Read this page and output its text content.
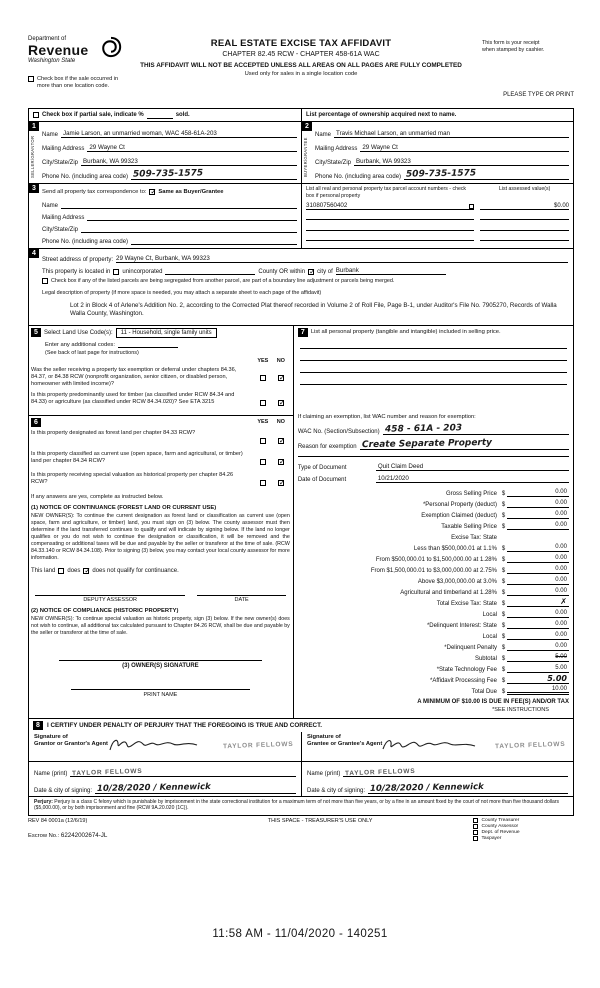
Department of
Revenue
Washington State
REAL ESTATE EXCISE TAX AFFIDAVIT
CHAPTER 82.45 RCW - CHAPTER 458-61A WAC
THIS AFFIDAVIT WILL NOT BE ACCEPTED UNLESS ALL AREAS ON ALL PAGES ARE FULLY COMPLETED
Used only for sales in a single location code
This form is your receipt
when stamped by cashier.
Check box if the sale occurred in
more than one location code.
PLEASE TYPE OR PRINT
Check box if partial sale, indicate %	sold.	List percentage of ownership acquired next to name.
1
SELLER/GRANTOR
Name Jamie Larson, an unmarried woman, WAC 458-61A-203
Mailing Address 29 Wayne Ct
City/State/Zip Burbank, WA 99323
Phone No. (including area code) 509-735-1575
2
BUYER/GRANTEE
Name Travis Michael Larson, an unmarried man
Mailing Address 29 Wayne Ct
City/State/Zip Burbank, WA 99323
Phone No. (including area code) 509-735-1575
3	Send all property tax correspondence to: ✓ Same as Buyer/Grantee
Name
Mailing Address
City/State/Zip
Phone No. (including area code)
List all real and personal property tax parcel account numbers - check box if personal property
List assessed value(s)
310807560402	$0.00
4
Street address of property: 29 Wayne Ct, Burbank, WA 99323
This property is located in unincorporated	County OR within ✓ city of Burbank
Check box if any of the listed parcels are being segregated from another parcel, are part of a boundary line adjustment or parcels being merged.
Legal description of property (if more space is needed, you may attach a separate sheet to each page of the affidavit)
Lot 2 in Block 4 of Arlene's Addition No. 2, according to the Corrected Plat thereof recorded in Volume 2 of Roll File, Page B-1, under Auditor's File No. 7905270, Records of Walla Walla County, Washington.
5	Select Land Use Code(s):	11 - Household, single family units
Enter any additional codes:
(See back of last page for instructions)
YES	NO
Was the seller receiving a property tax exemption or deferral under chapters 84.36, 84.37, or 84.38 RCW (nonprofit organization, senior citizen, or disabled person, homeowner with limited income)?
✓
Is this property predominantly used for timber (as classified under RCW 84.34 and 84.33) or agriculture (as classified under RCW 84.34.020)? See ETA 3215
✓
6	YES	NO
Is this property designated as forest land per chapter 84.33 RCW?
✓
Is this property classified as current use (open space, farm and agricultural, or timber) land per chapter 84.34 RCW?
✓
Is this property receiving special valuation as historical property per chapter 84.26 RCW?
✓
If any answers are yes, complete as instructed below.
(1) NOTICE OF CONTINUANCE (FOREST LAND OR CURRENT USE)
NEW OWNER(S): To continue the current designation as forest land or classification as current use (open space, farm and agriculture, or timber) land, you must sign on (3) below. The county assessor must then determine if the land transferred continues to qualify and will indicate by signing below. If the land no longer qualifies or you do not wish to continue the designation or classification, it will be removed and the compensating or additional taxes will be due and payable by the seller or transferor at the time of sale. (RCW 84.33.140 or RCW 84.34.108). Prior to signing (3) below, you may contact your local county assessor for more information.
This land does ✓ does not qualify for continuance.
DEPUTY ASSESSOR	DATE
(2) NOTICE OF COMPLIANCE (HISTORIC PROPERTY)
NEW OWNER(S): To continue special valuation as historic property, sign (3) below. If the new owner(s) does not wish to continue, all additional tax calculated pursuant to Chapter 84.26 RCW, shall be due and payable by the seller or transferor at the time of sale.
(3) OWNER(S) SIGNATURE
PRINT NAME
7	List all personal property (tangible and intangible) included in selling price.
If claiming an exemption, list WAC number and reason for exemption:
WAC No. (Section/Subsection) 458 - 61A - 203
Reason for exemption Create Separate Property
Type of Document	Quit Claim Deed
Date of Document	10/21/2020
Gross Selling Price $	0.00
*Personal Property (deduct) $	0.00
Exemption Claimed (deduct) $	0.00
Taxable Selling Price $	0.00
Excise Tax: State
Less than $500,000.01 at 1.1% $	0.00
From $500,000.01 to $1,500,000.00 at 1.28% $	0.00
From $1,500,000.01 to $3,000,000.00 at 2.75% $	0.00
Above $3,000,000.00 at 3.0% $	0.00
Agricultural and timberland at 1.28% $	0.00
Total Excise Tax: State $	✗
Local $	0.00
*Delinquent Interest: State $	0.00
Local $	0.00
*Delinquent Penalty $	0.00
Subtotal $	5.00
*State Technology Fee $	5.00
*Affidavit Processing Fee $	5.00
Total Due $	10.00
A MINIMUM OF $10.00 IS DUE IN FEE(S) AND/OR TAX
*SEE INSTRUCTIONS
8	I CERTIFY UNDER PENALTY OF PERJURY THAT THE FOREGOING IS TRUE AND CORRECT.
Signature of
Grantor or Grantor's Agent	TAYLOR FELLOWS
Signature of
Grantee or Grantee's Agent	TAYLOR FELLOWS
Name (print) TAYLOR FELLOWS	Name (print) TAYLOR FELLOWS
Date & city of signing: 10/28/2020 / Kennewick	Date & city of signing: 10/28/2020 / Kennewick
Perjury: Perjury is a class C felony which is punishable by imprisonment in the state correctional institution for a maximum term of not more than five years, or by a fine in an amount fixed by the court of not more than five thousand dollars ($5,000.00), or by both imprisonment and fine (RCW 9A.20.020 (1C)).
REV 84 0001a (12/6/19)
Escrow No.: 62242002674-JL
THIS SPACE - TREASURER'S USE ONLY	County Treasurer
County Assessor
Dept. of Revenue
Taxpayer
11:58 AM - 11/04/2020 - 140251
